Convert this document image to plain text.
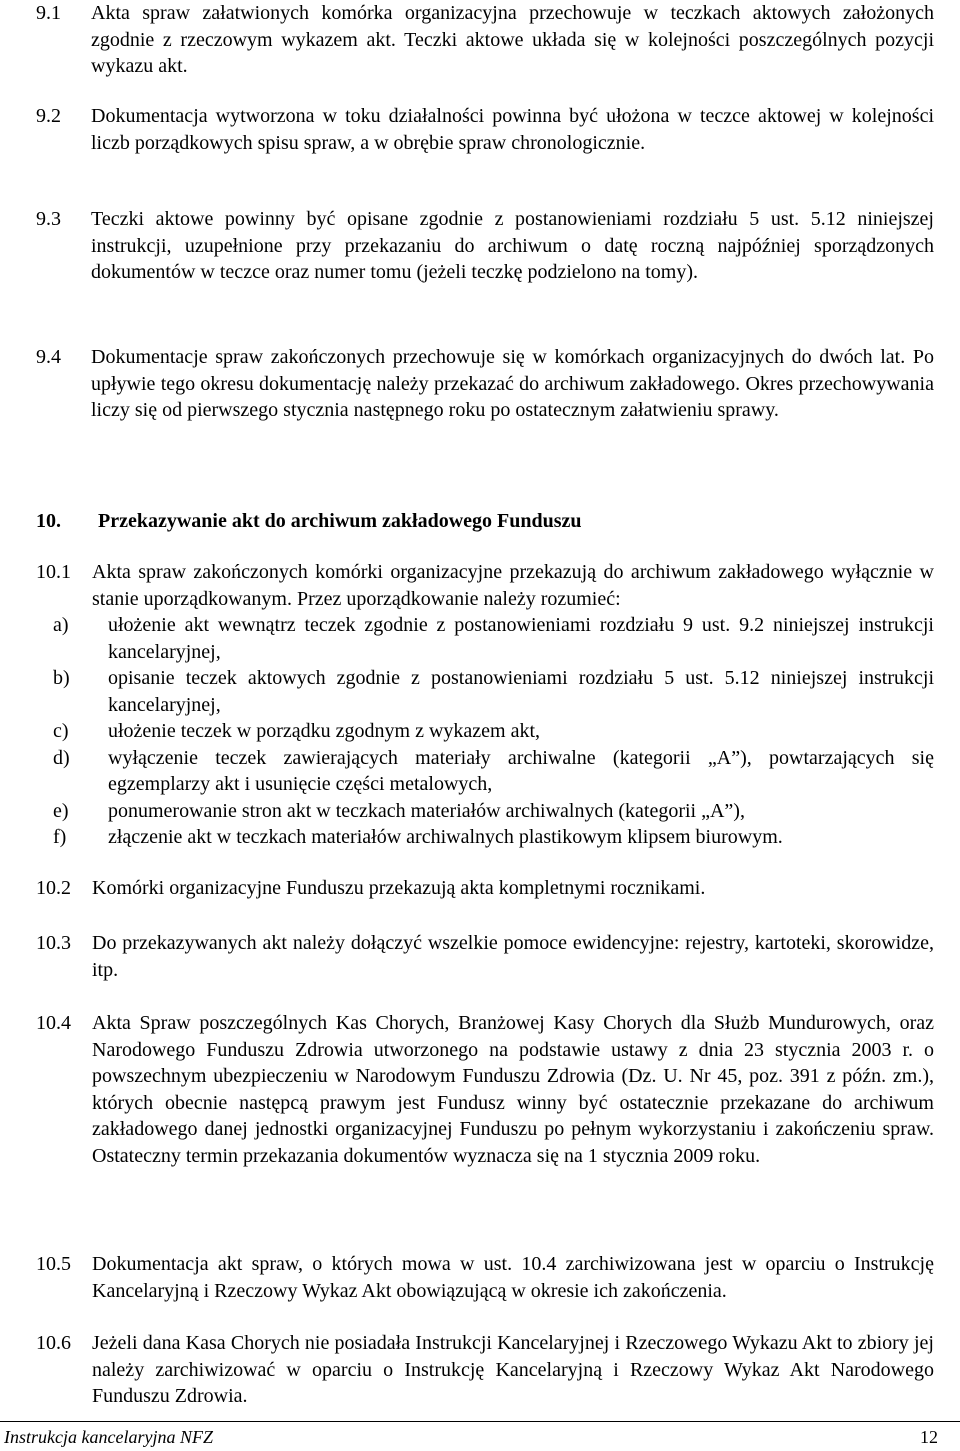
9.1 Akta spraw załatwionych komórka organizacyjna przechowuje w teczkach aktowych założonych zgodnie z rzeczowym wykazem akt. Teczki aktowe układa się w kolejności poszczególnych pozycji wykazu akt.
9.2 Dokumentacja wytworzona w toku działalności powinna być ułożona w teczce aktowej w kolejności liczb porządkowych spisu spraw, a w obrębie spraw chronologicznie.
9.3 Teczki aktowe powinny być opisane zgodnie z postanowieniami rozdziału 5 ust. 5.12 niniejszej instrukcji, uzupełnione przy przekazaniu do archiwum o datę roczną najpóźniej sporządzonych dokumentów w teczce oraz numer tomu (jeżeli teczkę podzielono na tomy).
9.4 Dokumentacje spraw zakończonych przechowuje się w komórkach organizacyjnych do dwóch lat. Po upływie tego okresu dokumentację należy przekazać do archiwum zakładowego. Okres przechowywania liczy się od pierwszego stycznia następnego roku po ostatecznym załatwieniu sprawy.
10. Przekazywanie akt do archiwum zakładowego Funduszu
10.1 Akta spraw zakończonych komórki organizacyjne przekazują do archiwum zakładowego wyłącznie w stanie uporządkowanym. Przez uporządkowanie należy rozumieć:
a) ułożenie akt wewnątrz teczek zgodnie z postanowieniami rozdziału 9 ust. 9.2 niniejszej instrukcji kancelaryjnej,
b) opisanie teczek aktowych zgodnie z postanowieniami rozdziału 5 ust. 5.12 niniejszej instrukcji kancelaryjnej,
c) ułożenie teczek w porządku zgodnym z wykazem akt,
d) wyłączenie teczek zawierających materiały archiwalne (kategorii „A”), powtarzających się egzemplarzy akt i usunięcie części metalowych,
e) ponumerowanie stron akt w teczkach materiałów archiwalnych (kategorii „A”),
f) złączenie akt w teczkach materiałów archiwalnych plastikowym klipsem biurowym.
10.2 Komórki organizacyjne Funduszu przekazują akta kompletnymi rocznikami.
10.3 Do przekazywanych akt należy dołączyć wszelkie pomoce ewidencyjne: rejestry, kartoteki, skorowidze, itp.
10.4 Akta Spraw poszczególnych Kas Chorych, Branżowej Kasy Chorych dla Służb Mundurowych, oraz Narodowego Funduszu Zdrowia utworzonego na podstawie ustawy z dnia 23 stycznia 2003 r. o powszechnym ubezpieczeniu w Narodowym Funduszu Zdrowia (Dz. U. Nr 45, poz. 391 z późn. zm.), których obecnie następcą prawym jest Fundusz winny być ostatecznie przekazane do archiwum zakładowego danej jednostki organizacyjnej Funduszu po pełnym wykorzystaniu i zakończeniu spraw. Ostateczny termin przekazania dokumentów wyznacza się na 1 stycznia 2009 roku.
10.5 Dokumentacja akt spraw, o których mowa w ust. 10.4 zarchiwizowana jest w oparciu o Instrukcję Kancelaryjną i Rzeczowy Wykaz Akt obowiązującą w okresie ich zakończenia.
10.6 Jeżeli dana Kasa Chorych nie posiadała Instrukcji Kancelaryjnej i Rzeczowego Wykazu Akt to zbiory jej należy zarchiwizować w oparciu o Instrukcję Kancelaryjną i Rzeczowy Wykaz Akt Narodowego Funduszu Zdrowia.
Instrukcja kancelaryjna NFZ	12
